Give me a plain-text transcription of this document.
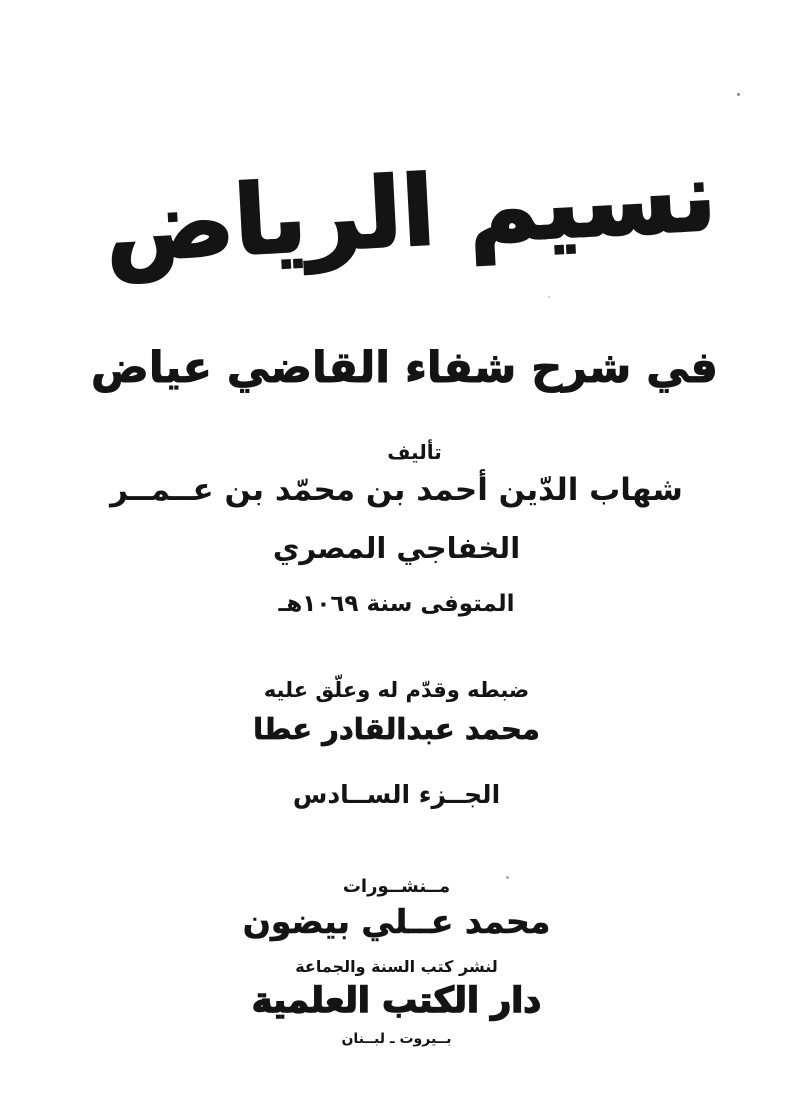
نسيم الرياض
في شرح شفاء القاضي عياض
تأليف
شهاب الدّين أحمد بن محمّد بن عــمــر
الخفاجي المصري
المتوفى سنة ١٠٦٩هـ
ضبطه وقدّم له وعلّق عليه
محمد عبدالقادر عطا
الجــزء الســادس
مــنشــورات
محمد عــلي بيضون
لنشر كتب السنة والجماعة
دار الكتب العلمية
بــيروت ـ لبــنان
